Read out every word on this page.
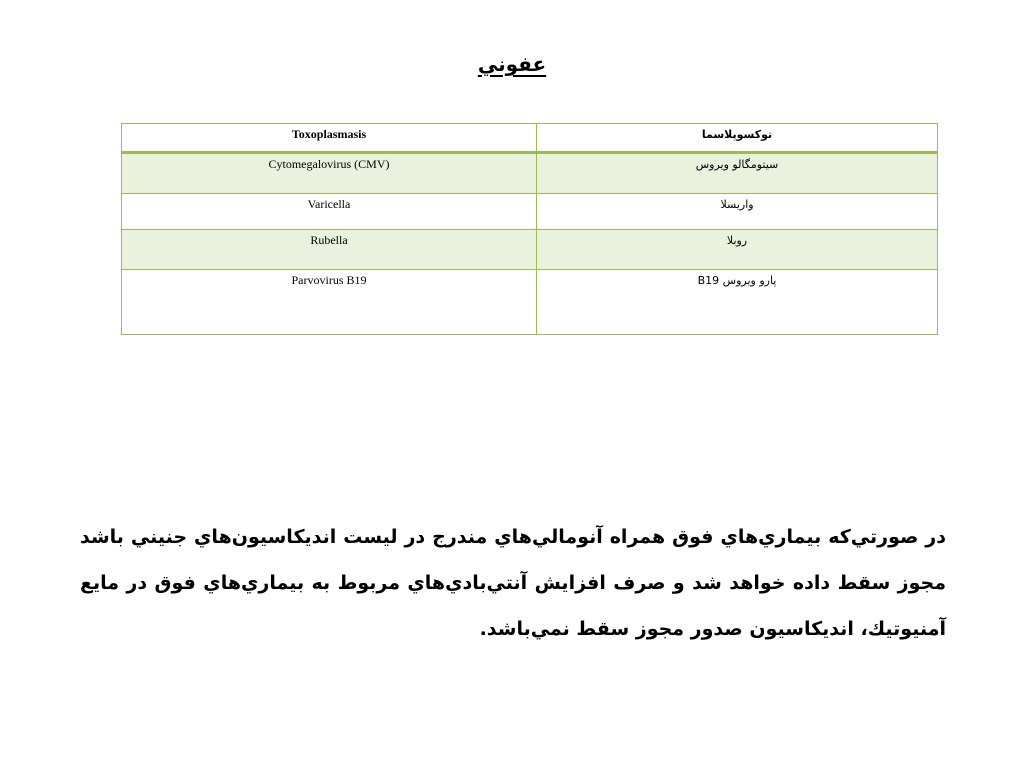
عفوني
Toxoplasmasis	توكسوپلاسما
Cytomegalovirus (CMV)	سيتومگالو ويروس
Varicella	واريسلا
Rubella	روبلا
Parvovirus B19	پارو ويروس B19
در صورتي‌که بيماري‌هاي فوق همراه آنومالي‌هاي مندرج در ليست انديكاسيون‌هاي جنيني باشد مجوز سقط داده خواهد شد و صرف افزايش آنتي‌بادي‌هاي مربوط به بيماري‌هاي فوق در مايع آمنيوتيك، انديكاسيون صدور مجوز سقط نمي‌باشد.
